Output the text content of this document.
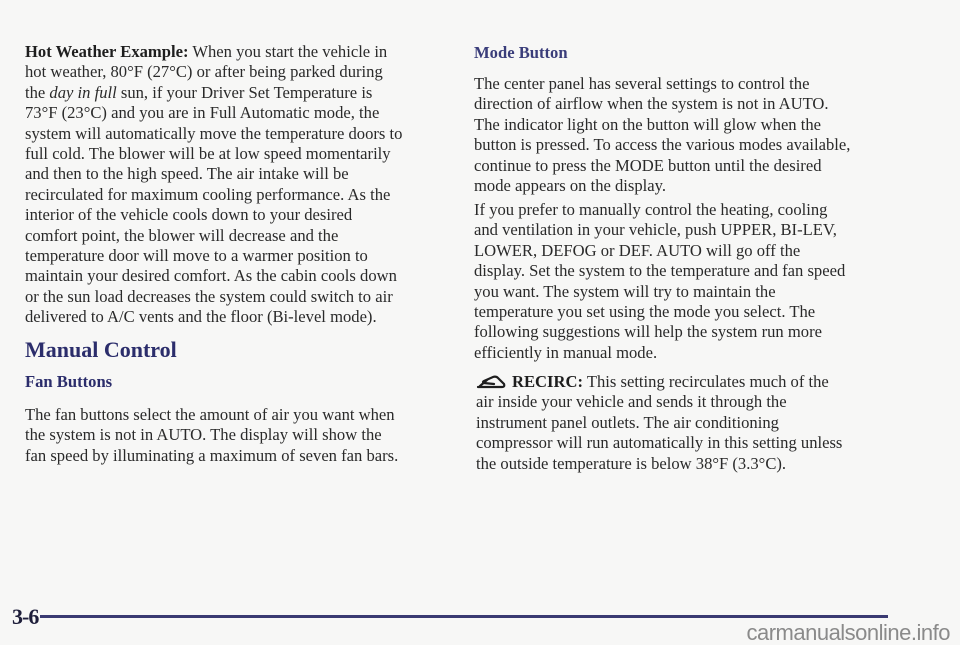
Hot Weather Example: When you start the vehicle in
hot weather, 80°F (27°C) or after being parked during
the day in full sun, if your Driver Set Temperature is
73°F (23°C) and you are in Full Automatic mode, the
system will automatically move the temperature doors to
full cold. The blower will be at low speed momentarily
and then to the high speed. The air intake will be
recirculated for maximum cooling performance. As the
interior of the vehicle cools down to your desired
comfort point, the blower will decrease and the
temperature door will move to a warmer position to
maintain your desired comfort. As the cabin cools down
or the sun load decreases the system could switch to air
delivered to A/C vents and the floor (Bi-level mode).
Manual Control
Fan Buttons
The fan buttons select the amount of air you want when
the system is not in AUTO. The display will show the
fan speed by illuminating a maximum of seven fan bars.
Mode Button
The center panel has several settings to control the
direction of airflow when the system is not in AUTO.
The indicator light on the button will glow when the
button is pressed. To access the various modes available,
continue to press the MODE button until the desired
mode appears on the display.
If you prefer to manually control the heating, cooling
and ventilation in your vehicle, push UPPER, BI-LEV,
LOWER, DEFOG or DEF. AUTO will go off the
display. Set the system to the temperature and fan speed
you want. The system will try to maintain the
temperature you set using the mode you select. The
following suggestions will help the system run more
efficiently in manual mode.
RECIRC: This setting recirculates much of the
air inside your vehicle and sends it through the
instrument panel outlets. The air conditioning
compressor will run automatically in this setting unless
the outside temperature is below 38°F (3.3°C).
3-6
carmanualsonline.info
